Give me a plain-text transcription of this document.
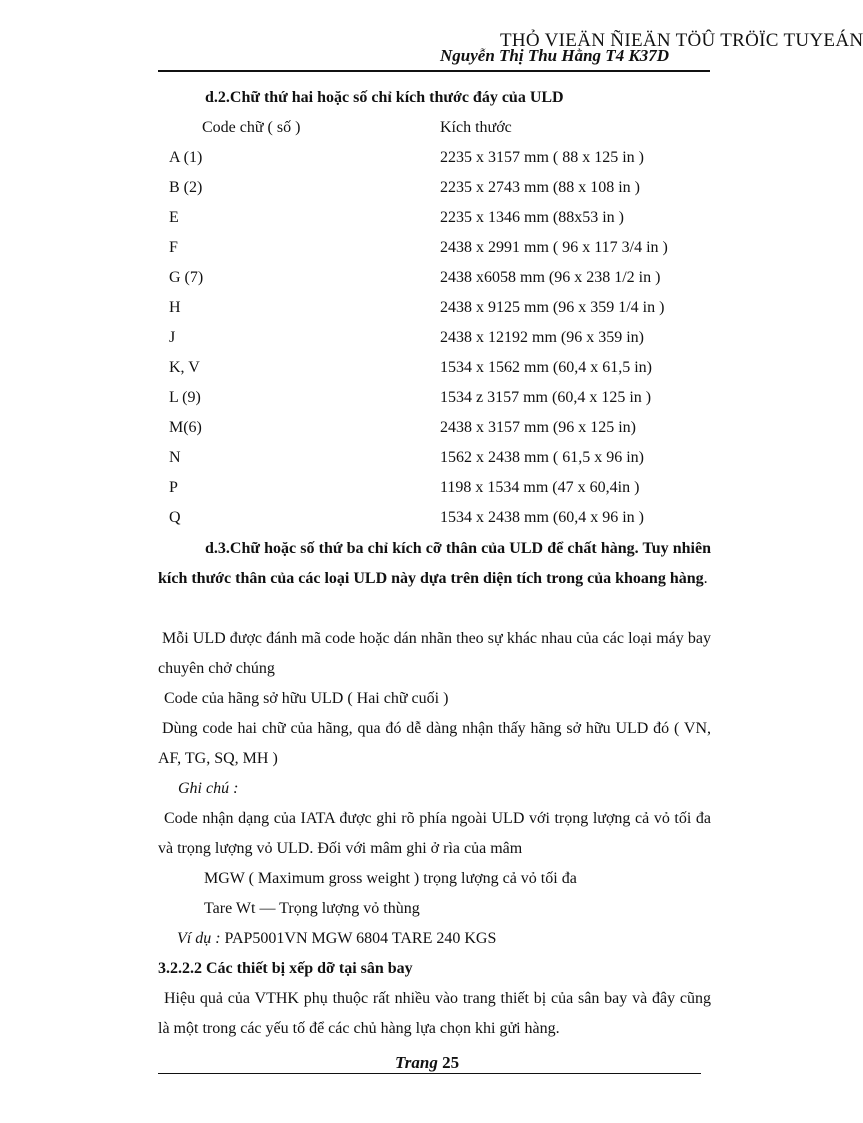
THỎ VIEÄN ÑIEÄN TÖÛ TRÖÏC TUYEÁN
Nguyễn Thị Thu Hằng T4 K37D
d.2.Chữ thứ hai hoặc số chỉ kích thước đáy của ULD
Code chữ ( số )	Kích thước
A (1)	2235 x 3157 mm ( 88 x 125 in )
B (2)	2235 x 2743 mm (88 x 108 in )
E	2235 x 1346 mm (88x53 in )
F	2438 x 2991 mm ( 96 x 117 3/4 in )
G (7)	2438 x6058 mm (96 x 238 1/2 in )
H	2438 x 9125 mm (96 x 359 1/4 in )
J	2438 x 12192 mm (96 x 359 in)
K, V	1534 x 1562 mm (60,4 x 61,5 in)
L (9)	1534 z 3157 mm (60,4 x 125 in )
M(6)	2438 x 3157 mm (96 x 125 in)
N	1562 x 2438 mm ( 61,5 x 96 in)
P	1198 x 1534 mm (47 x 60,4in )
Q	1534 x 2438 mm (60,4 x 96 in )
d.3.Chữ hoặc số thứ ba chỉ kích cỡ thân của ULD để chất hàng. Tuy nhiên kích thước thân của các loại ULD này dựa trên diện tích trong của khoang hàng.
Mỗi ULD được đánh mã code hoặc dán nhãn theo sự khác nhau của các loại máy bay chuyên chở chúng
Code của hãng sở hữu ULD ( Hai chữ cuối )
Dùng code hai chữ của hãng, qua đó dễ dàng nhận thấy hãng sở hữu ULD đó ( VN, AF, TG, SQ, MH )
Ghi chú :
Code nhận dạng của IATA được ghi rõ phía ngoài ULD với trọng lượng cả vỏ tối đa và trọng lượng vỏ ULD. Đối với mâm ghi ở rìa của mâm
MGW ( Maximum gross weight ) trọng lượng cả vỏ tối đa
Tare Wt — Trọng lượng vỏ thùng
Ví dụ : PAP5001VN MGW 6804 TARE 240 KGS
3.2.2.2 Các thiết bị xếp dỡ tại sân bay
Hiệu quả của VTHK phụ thuộc rất nhiều vào trang thiết bị của sân bay và đây cũng là một trong các yếu tố để các chủ hàng lựa chọn khi gửi hàng.
Trang 25
